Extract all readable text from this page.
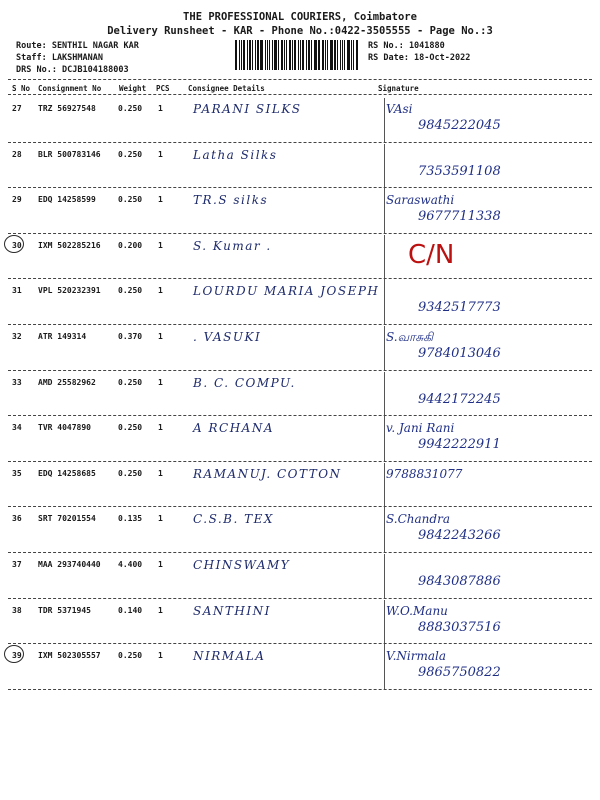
THE PROFESSIONAL COURIERS, Coimbatore
Delivery Runsheet - KAR - Phone No.:0422-3505555 - Page No.:3
Route: SENTHIL NAGAR KAR
Staff: LAKSHMANAN
DRS No.: DCJB104188003
RS No.: 1041880
RS Date: 18-Oct-2022
S No Consignment No Weight PCS Consignee Details	Signature
27 TRZ 56927548	0.250 1	PARANI SILKS	VAsi
9845222045
28 BLR 500783146 0.250 1	Latha Silks
7353591108
29 EDQ 14258599	0.250 1	TR.S silks	Saraswathi
9677711338
30 IXM 502285216 0.200 1	S. Kumar .	C/N
31 VPL 520232391 0.250 1	LOURDU MARIA JOSEPH
9342517773
32 ATR 149314	0.370 1	. VASUKI	S.வாசுகி
9784013046
33 AMD 25582962	0.250 1	B. C. COMPU.
9442172245
34 TVR 4047890	0.250 1	A RCHANA	v. Jani Rani
9942222911
35 EDQ 14258685	0.250 1	RAMANUJ. COTTON	9788831077
36 SRT 70201554	0.135 1	C.S.B. TEX	S.Chandra
9842243266
37 MAA 293740440 4.400 1	CHINSWAMY
9843087886
38 TDR 5371945	0.140 1	SANTHINI	W.O.Manu
8883037516
39 IXM 502305557 0.250 1	NIRMALA	V.Nirmala
9865750822
